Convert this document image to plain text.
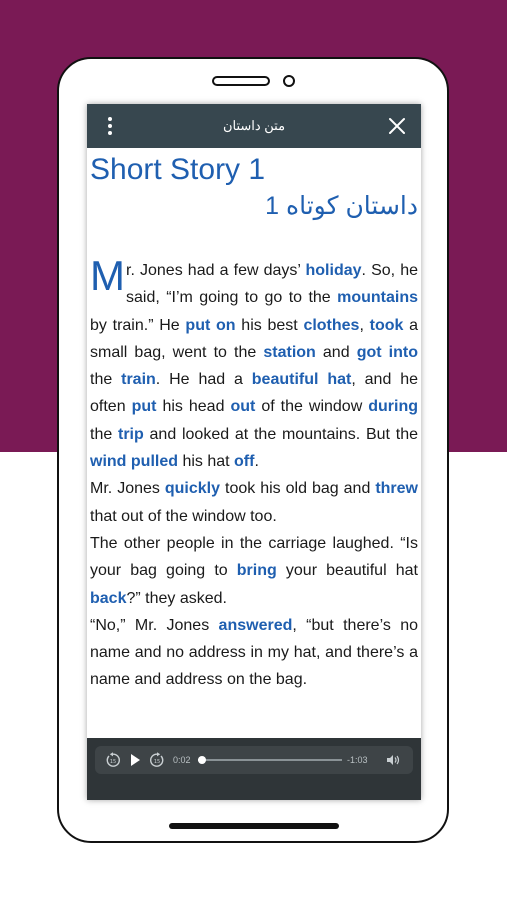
متن داستان
Short Story 1
داستان کوتاه 1

Mr. Jones had a few days’ holiday. So, he said, “I’m going to go to the mountains by train.” He put on his best clothes, took a small bag, went to the station and got into the train. He had a beautiful hat, and he often put his head out of the window during the trip and looked at the mountains. But the wind pulled his hat off.

Mr. Jones quickly took his old bag and threw that out of the window too.

The other people in the carriage laughed. “Is your bag going to bring your beautiful hat back?” they asked.

“No,” Mr. Jones answered, “but there’s no name and no address in my hat, and there’s a name and address on the bag.

15	15 0:02	-1:03
